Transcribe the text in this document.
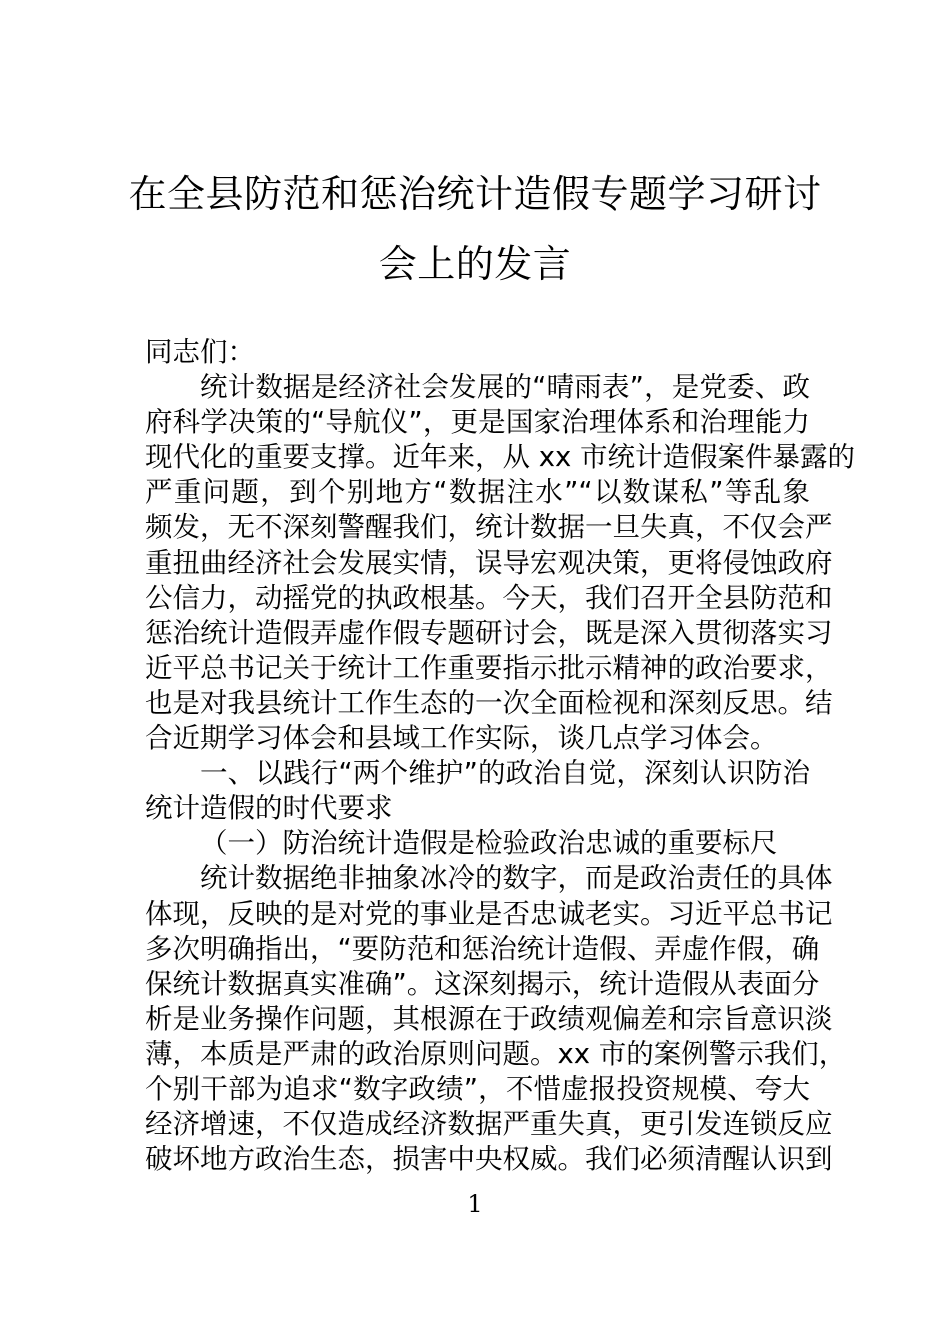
在全县防范和惩治统计造假专题学习研讨
会上的发言
同志们：
统计数据是经济社会发展的“晴雨表”，是党委、政
府科学决策的“导航仪”，更是国家治理体系和治理能力
现代化的重要支撑。近年来，从 xx 市统计造假案件暴露的
严重问题，到个别地方“数据注水”“以数谋私”等乱象
频发，无不深刻警醒我们，统计数据一旦失真，不仅会严
重扭曲经济社会发展实情，误导宏观决策，更将侵蚀政府
公信力，动摇党的执政根基。今天，我们召开全县防范和
惩治统计造假弄虚作假专题研讨会，既是深入贯彻落实习
近平总书记关于统计工作重要指示批示精神的政治要求，
也是对我县统计工作生态的一次全面检视和深刻反思。结
合近期学习体会和县域工作实际，谈几点学习体会。
一、以践行“两个维护”的政治自觉，深刻认识防治
统计造假的时代要求
（一）防治统计造假是检验政治忠诚的重要标尺
统计数据绝非抽象冰冷的数字，而是政治责任的具体
体现，反映的是对党的事业是否忠诚老实。习近平总书记
多次明确指出，“要防范和惩治统计造假、弄虚作假，确
保统计数据真实准确”。这深刻揭示，统计造假从表面分
析是业务操作问题，其根源在于政绩观偏差和宗旨意识淡
薄，本质是严肃的政治原则问题。xx 市的案例警示我们，
个别干部为追求“数字政绩”，不惜虚报投资规模、夸大
经济增速，不仅造成经济数据严重失真，更引发连锁反应
破坏地方政治生态，损害中央权威。我们必须清醒认识到
1
